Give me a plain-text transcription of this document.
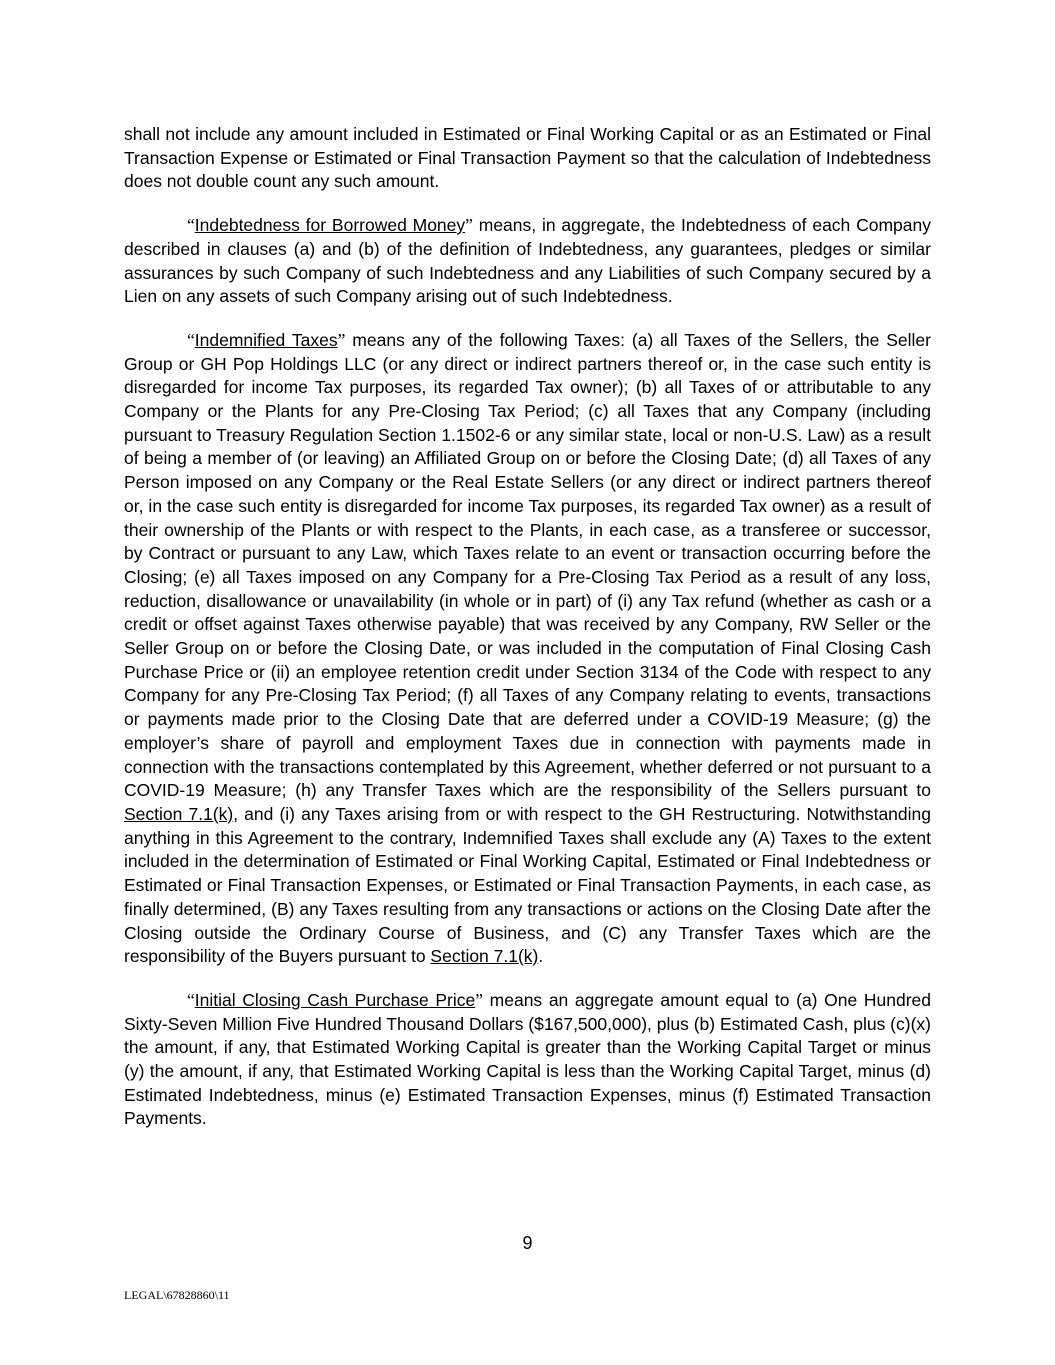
shall not include any amount included in Estimated or Final Working Capital or as an Estimated or Final Transaction Expense or Estimated or Final Transaction Payment so that the calculation of Indebtedness does not double count any such amount.

“Indebtedness for Borrowed Money” means, in aggregate, the Indebtedness of each Company described in clauses (a) and (b) of the definition of Indebtedness, any guarantees, pledges or similar assurances by such Company of such Indebtedness and any Liabilities of such Company secured by a Lien on any assets of such Company arising out of such Indebtedness.

“Indemnified Taxes” means any of the following Taxes: (a) all Taxes of the Sellers, the Seller Group or GH Pop Holdings LLC (or any direct or indirect partners thereof or, in the case such entity is disregarded for income Tax purposes, its regarded Tax owner); (b) all Taxes of or attributable to any Company or the Plants for any Pre-Closing Tax Period; (c) all Taxes that any Company (including pursuant to Treasury Regulation Section 1.1502-6 or any similar state, local or non-U.S. Law) as a result of being a member of (or leaving) an Affiliated Group on or before the Closing Date; (d) all Taxes of any Person imposed on any Company or the Real Estate Sellers (or any direct or indirect partners thereof or, in the case such entity is disregarded for income Tax purposes, its regarded Tax owner) as a result of their ownership of the Plants or with respect to the Plants, in each case, as a transferee or successor, by Contract or pursuant to any Law, which Taxes relate to an event or transaction occurring before the Closing; (e) all Taxes imposed on any Company for a Pre-Closing Tax Period as a result of any loss, reduction, disallowance or unavailability (in whole or in part) of (i) any Tax refund (whether as cash or a credit or offset against Taxes otherwise payable) that was received by any Company, RW Seller or the Seller Group on or before the Closing Date, or was included in the computation of Final Closing Cash Purchase Price or (ii) an employee retention credit under Section 3134 of the Code with respect to any Company for any Pre-Closing Tax Period; (f) all Taxes of any Company relating to events, transactions or payments made prior to the Closing Date that are deferred under a COVID-19 Measure; (g) the employer’s share of payroll and employment Taxes due in connection with payments made in connection with the transactions contemplated by this Agreement, whether deferred or not pursuant to a COVID-19 Measure; (h) any Transfer Taxes which are the responsibility of the Sellers pursuant to Section 7.1(k), and (i) any Taxes arising from or with respect to the GH Restructuring. Notwithstanding anything in this Agreement to the contrary, Indemnified Taxes shall exclude any (A) Taxes to the extent included in the determination of Estimated or Final Working Capital, Estimated or Final Indebtedness or Estimated or Final Transaction Expenses, or Estimated or Final Transaction Payments, in each case, as finally determined, (B) any Taxes resulting from any transactions or actions on the Closing Date after the Closing outside the Ordinary Course of Business, and (C) any Transfer Taxes which are the responsibility of the Buyers pursuant to Section 7.1(k).

“Initial Closing Cash Purchase Price” means an aggregate amount equal to (a) One Hundred Sixty-Seven Million Five Hundred Thousand Dollars ($167,500,000), plus (b) Estimated Cash, plus (c)(x) the amount, if any, that Estimated Working Capital is greater than the Working Capital Target or minus (y) the amount, if any, that Estimated Working Capital is less than the Working Capital Target, minus (d) Estimated Indebtedness, minus (e) Estimated Transaction Expenses, minus (f) Estimated Transaction Payments.

9
LEGAL\67828860\11
